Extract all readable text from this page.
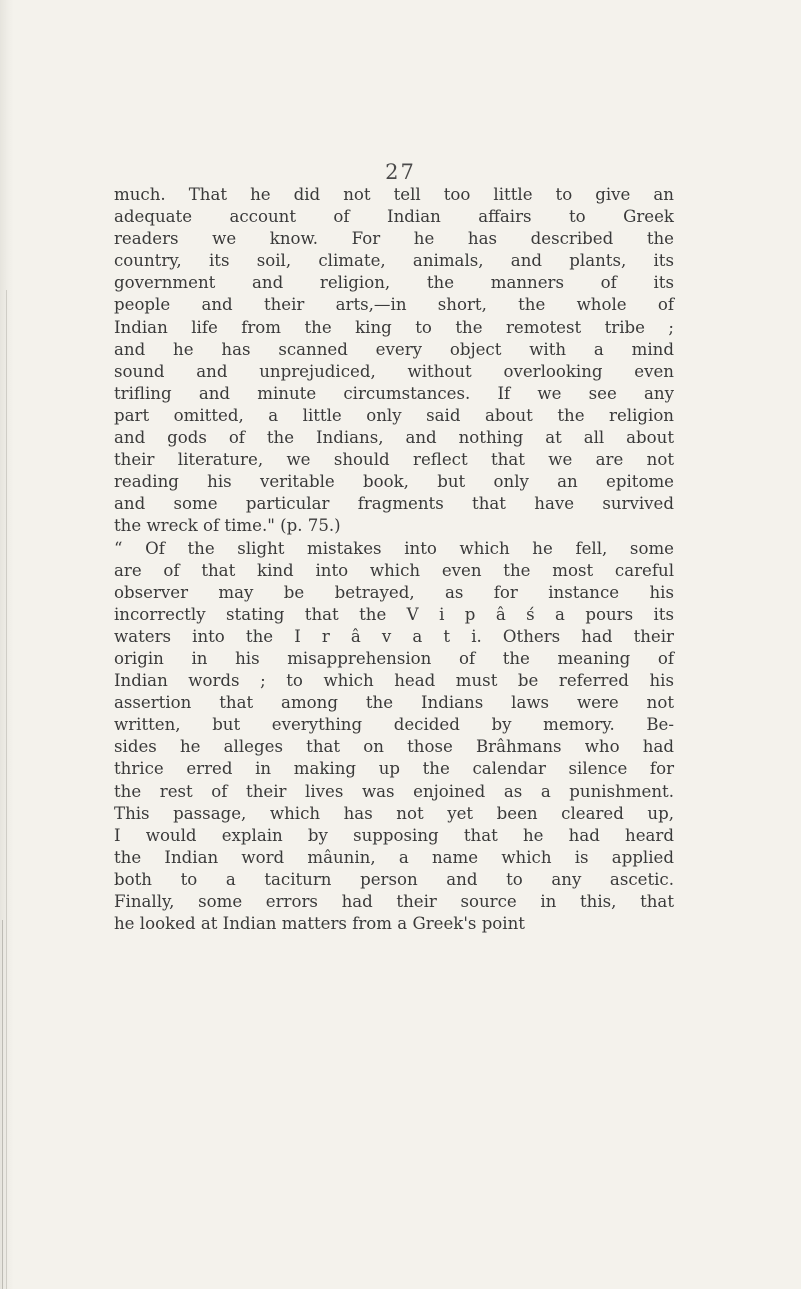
27
much. That he did not tell too little to give an
adequate account of Indian affairs to Greek
readers we know. For he has described the
country, its soil, climate, animals, and plants, its
government and religion, the manners of its
people and their arts,—in short, the whole of
Indian life from the king to the remotest tribe ;
and he has scanned every object with a mind
sound and unprejudiced, without overlooking even
trifling and minute circumstances. If we see any
part omitted, a little only said about the religion
and gods of the Indians, and nothing at all about
their literature, we should reflect that we are not
reading his veritable book, but only an epitome
and some particular fragments that have survived
the wreck of time." (p. 75.)
“ Of the slight mistakes into which he fell, some
are of that kind into which even the most careful
observer may be betrayed, as for instance his
incorrectly stating that the V i p â ś a pours its
waters into the I r â v a t i. Others had their
origin in his misapprehension of the meaning of
Indian words ; to which head must be referred his
assertion that among the Indians laws were not
written, but everything decided by memory. Be-
sides he alleges that on those Brâhmans who had
thrice erred in making up the calendar silence for
the rest of their lives was enjoined as a punishment.
This passage, which has not yet been cleared up,
I would explain by supposing that he had heard
the Indian word mâunin, a name which is applied
both to a taciturn person and to any ascetic.
Finally, some errors had their source in this, that
he looked at Indian matters from a Greek's point
